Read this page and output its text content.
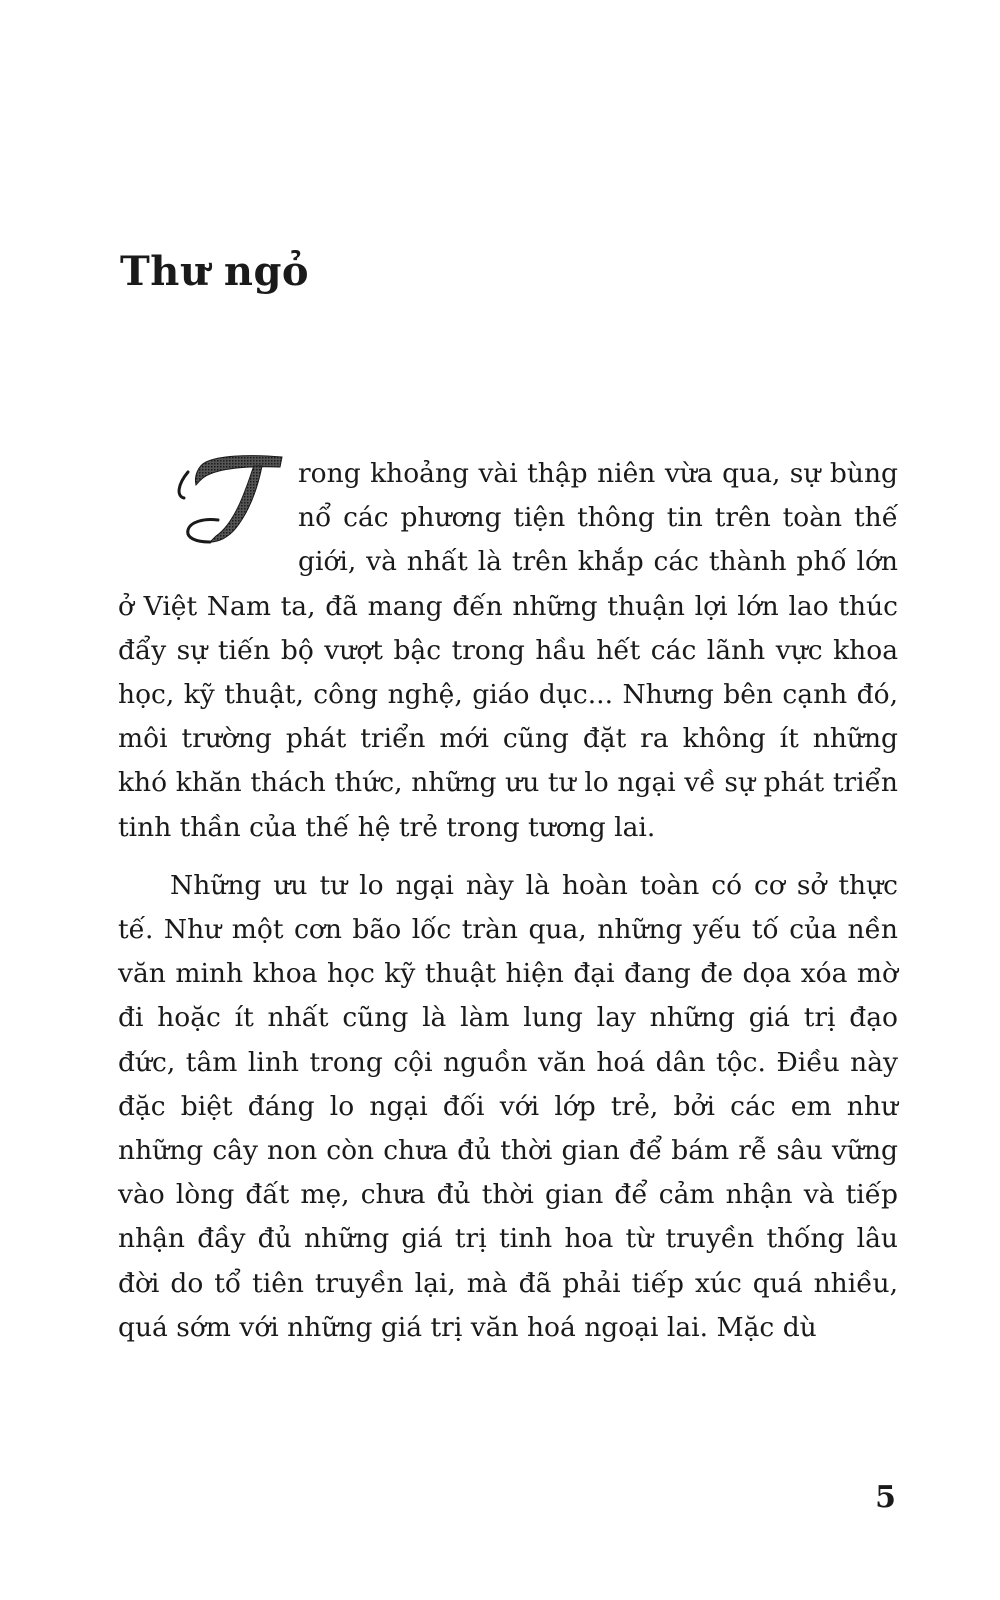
Thư ngỏ

rong khoảng vài thập niên vừa qua, sự bùng nổ các phương tiện thông tin trên toàn thế giới, và nhất là trên khắp các thành phố lớn ở Việt Nam ta, đã mang đến những thuận lợi lớn lao thúc đẩy sự tiến bộ vượt bậc trong hầu hết các lãnh vực khoa học, kỹ thuật, công nghệ, giáo dục... Nhưng bên cạnh đó, môi trường phát triển mới cũng đặt ra không ít những khó khăn thách thức, những ưu tư lo ngại về sự phát triển tinh thần của thế hệ trẻ trong tương lai.

Những ưu tư lo ngại này là hoàn toàn có cơ sở thực tế. Như một cơn bão lốc tràn qua, những yếu tố của nền văn minh khoa học kỹ thuật hiện đại đang đe dọa xóa mờ đi hoặc ít nhất cũng là làm lung lay những giá trị đạo đức, tâm linh trong cội nguồn văn hoá dân tộc. Điều này đặc biệt đáng lo ngại đối với lớp trẻ, bởi các em như những cây non còn chưa đủ thời gian để bám rễ sâu vững vào lòng đất mẹ, chưa đủ thời gian để cảm nhận và tiếp nhận đầy đủ những giá trị tinh hoa từ truyền thống lâu đời do tổ tiên truyền lại, mà đã phải tiếp xúc quá nhiều, quá sớm với những giá trị văn hoá ngoại lai. Mặc dù

5
